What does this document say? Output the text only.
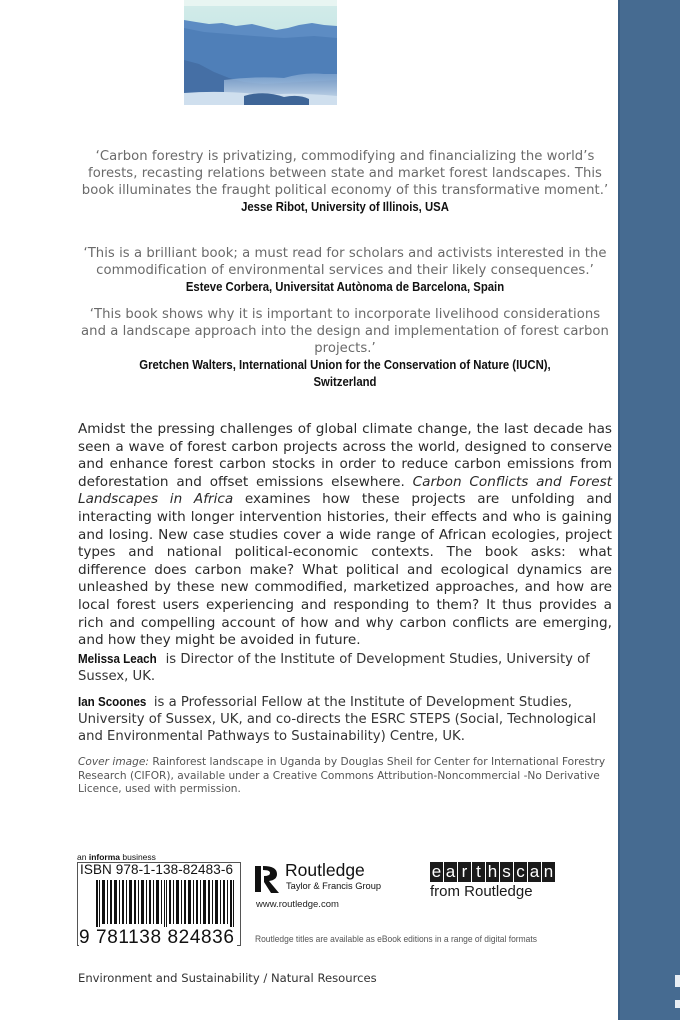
‘Carbon forestry is privatizing, commodifying and financializing the world’s forests, recasting relations between state and market forest landscapes. This book illuminates the fraught political economy of this transformative moment.’
Jesse Ribot, University of Illinois, USA
‘This is a brilliant book; a must read for scholars and activists interested in the commodification of environmental services and their likely consequences.’
Esteve Corbera, Universitat Autònoma de Barcelona, Spain
‘This book shows why it is important to incorporate livelihood considerations and a landscape approach into the design and implementation of forest carbon projects.’
Gretchen Walters, International Union for the Conservation of Nature (IUCN), Switzerland
Amidst the pressing challenges of global climate change, the last decade has seen a wave of forest carbon projects across the world, designed to conserve and enhance forest carbon stocks in order to reduce carbon emissions from deforestation and offset emissions elsewhere. Carbon Conflicts and Forest Landscapes in Africa examines how these projects are unfolding and interacting with longer intervention histories, their effects and who is gaining and losing. New case studies cover a wide range of African ecologies, project types and national political-economic contexts. The book asks: what difference does carbon make? What political and ecological dynamics are unleashed by these new commodified, marketized approaches, and how are local forest users experiencing and responding to them? It thus provides a rich and compelling account of how and why carbon conflicts are emerging, and how they might be avoided in future.
Melissa Leach is Director of the Institute of Development Studies, University of Sussex, UK.
Ian Scoones is a Professorial Fellow at the Institute of Development Studies, University of Sussex, UK, and co-directs the ESRC STEPS (Social, Technological and Environmental Pathways to Sustainability) Centre, UK.
Cover image: Rainforest landscape in Uganda by Douglas Sheil for Center for International Forestry Research (CIFOR), available under a Creative Commons Attribution-Noncommercial -No Derivative Licence, used with permission.
an informa business
ISBN 978-1-138-82483-6
9 781138 824836
Routledge
Taylor & Francis Group
www.routledge.com
e a r t h s c a n
from Routledge
Routledge titles are available as eBook editions in a range of digital formats
Environment and Sustainability / Natural Resources
